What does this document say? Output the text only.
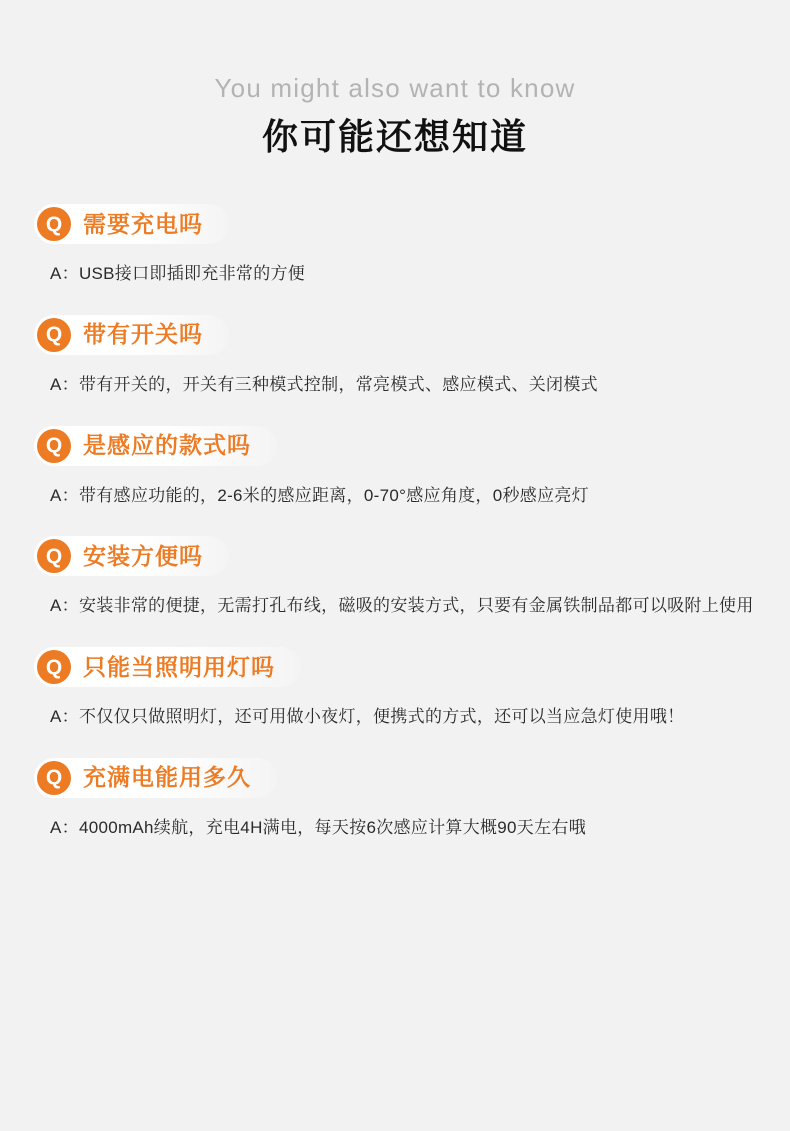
You might also want to know
你可能还想知道
Q 需要充电吗
A：USB接口即插即充非常的方便
Q 带有开关吗
A：带有开关的，开关有三种模式控制，常亮模式、感应模式、关闭模式
Q 是感应的款式吗
A：带有感应功能的，2-6米的感应距离，0-70°感应角度，0秒感应亮灯
Q 安装方便吗
A：安装非常的便捷，无需打孔布线，磁吸的安装方式，只要有金属铁制品都可以吸附上使用
Q 只能当照明用灯吗
A：不仅仅只做照明灯，还可用做小夜灯，便携式的方式，还可以当应急灯使用哦！
Q 充满电能用多久
A：4000mAh续航，充电4H满电，每天按6次感应计算大概90天左右哦
